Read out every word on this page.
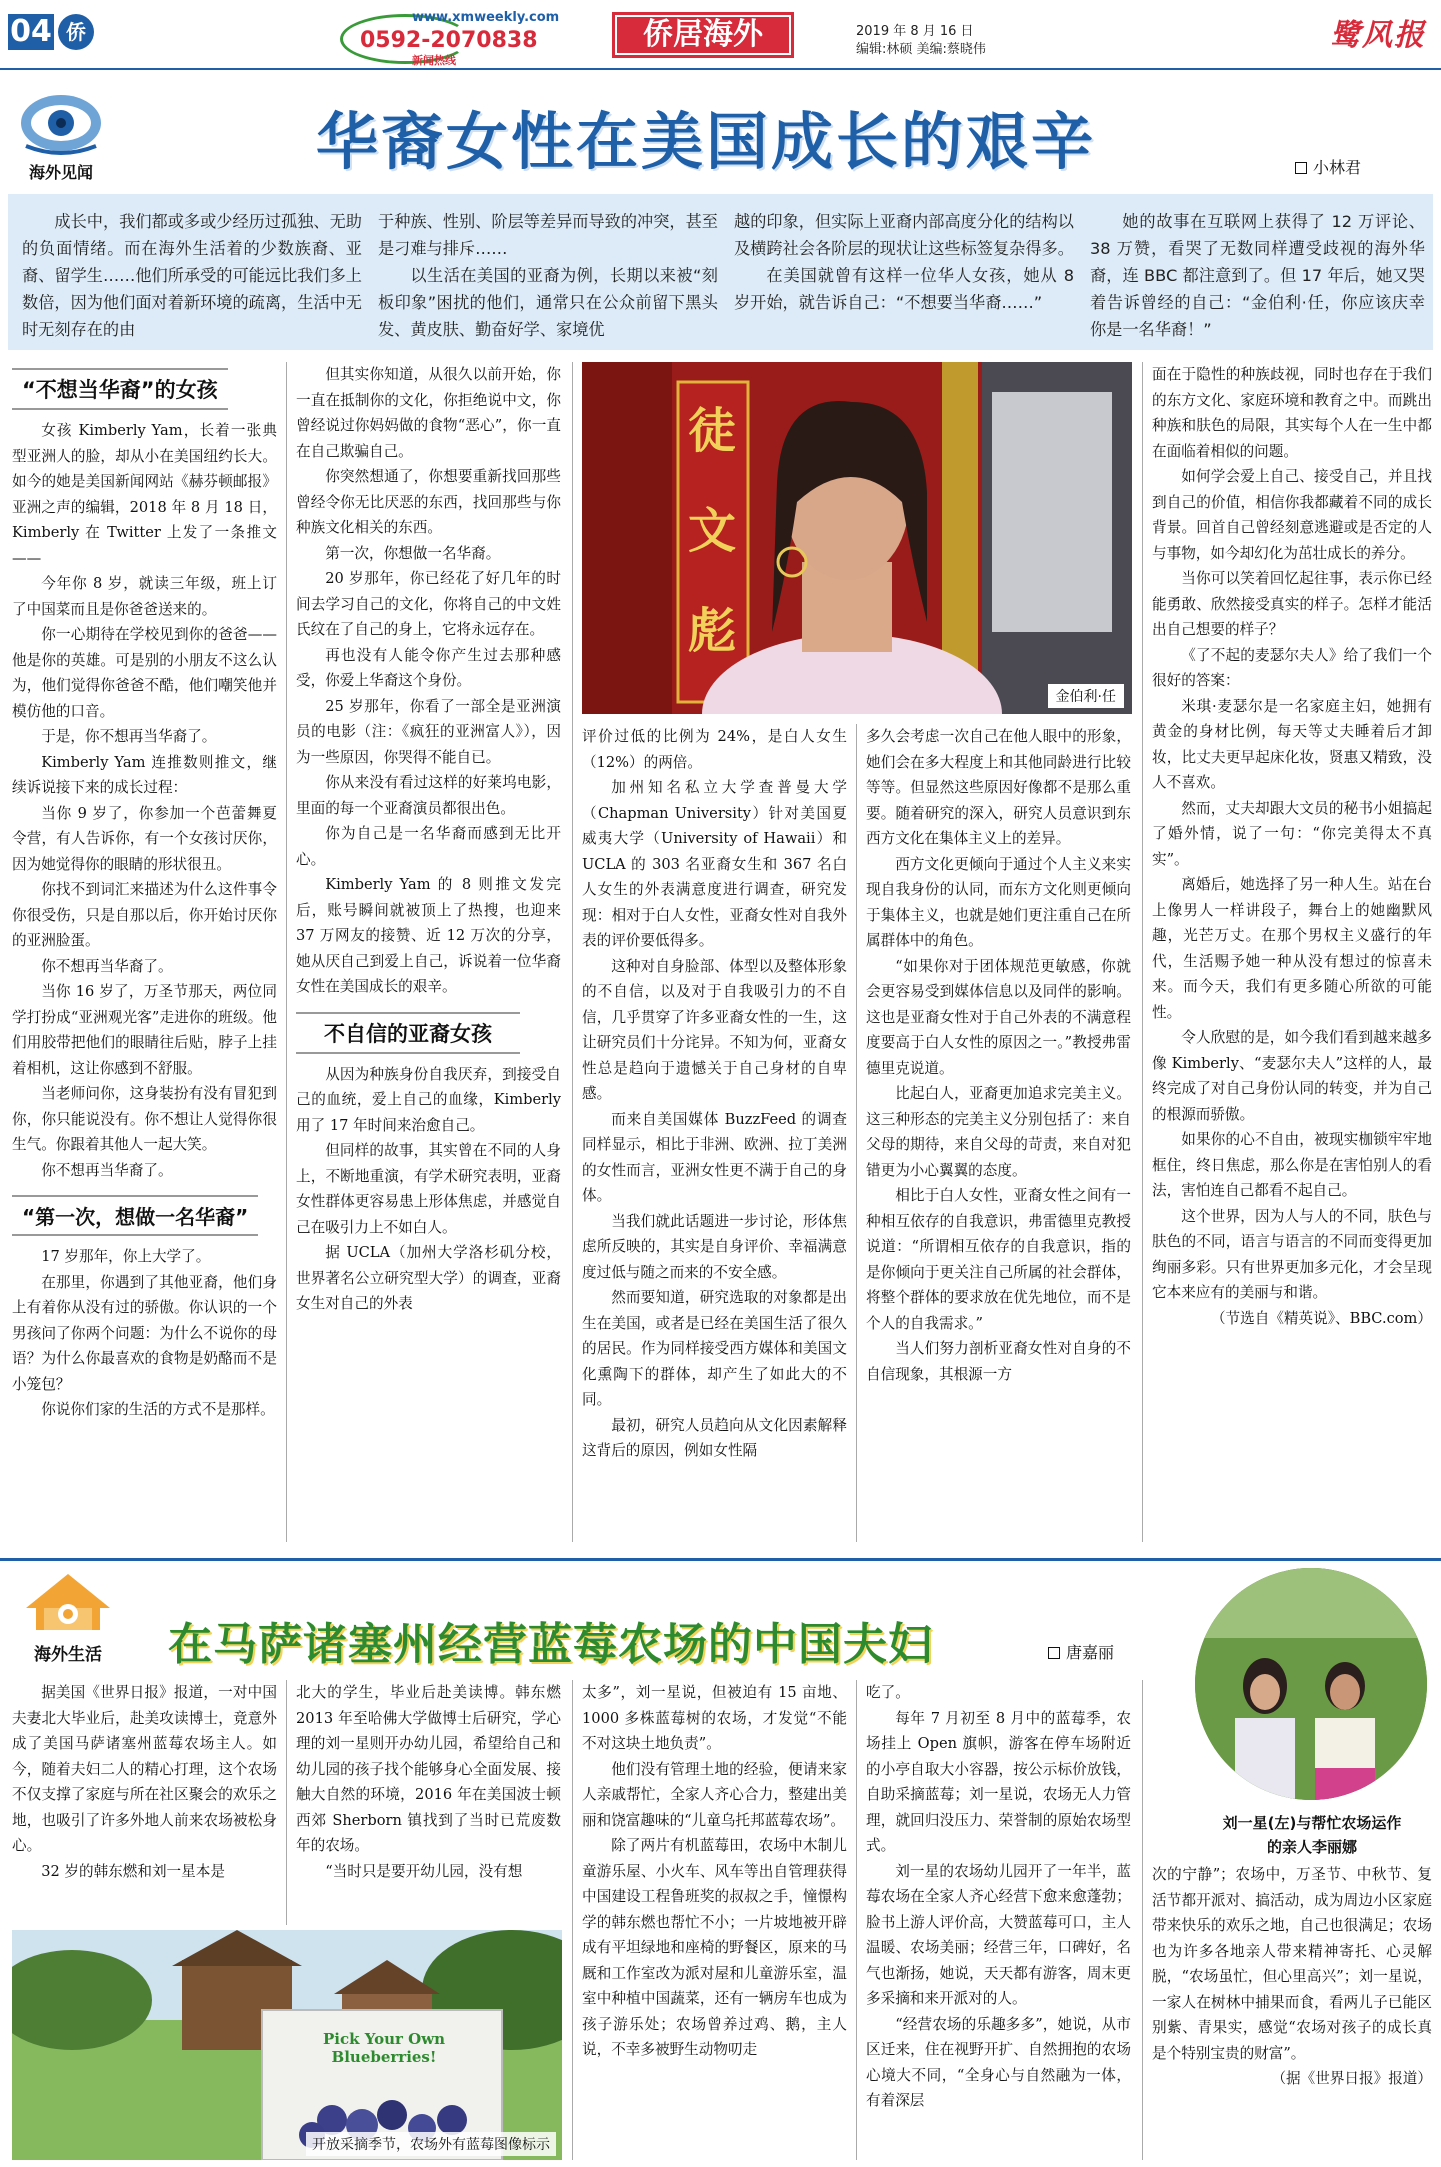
04 侨
www.xmweekly.com
0592-2070838
新闻热线
侨居海外	2019 年 8 月 16 日
编辑:林硕 美编:蔡晓伟	鹭风报
海外见闻	华裔女性在美国成长的艰辛	小林君

成长中，我们都或多或少经历过孤独、无助的负面情绪。而在海外生活着的少数族裔、亚裔、留学生……他们所承受的可能远比我们多上数倍，因为他们面对着新环境的疏离，生活中无时无刻存在的由

于种族、性别、阶层等差异而导致的冲突，甚至是刁难与排斥……

以生活在美国的亚裔为例，长期以来被“刻板印象”困扰的他们，通常只在公众前留下黑头发、黄皮肤、勤奋好学、家境优

越的印象，但实际上亚裔内部高度分化的结构以及横跨社会各阶层的现状让这些标签复杂得多。

在美国就曾有这样一位华人女孩，她从 8 岁开始，就告诉自己：“不想要当华裔……”

她的故事在互联网上获得了 12 万评论、38 万赞，看哭了无数同样遭受歧视的海外华裔，连 BBC 都注意到了。但 17 年后，她又哭着告诉曾经的自己：“金伯利·任，你应该庆幸你是一名华裔！”

“不想当华裔”的女孩

女孩 Kimberly Yam，长着一张典型亚洲人的脸，却从小在美国纽约长大。如今的她是美国新闻网站《赫芬顿邮报》亚洲之声的编辑，2018 年 8 月 18 日，Kimberly 在 Twitter 上发了一条推文——

今年你 8 岁，就读三年级，班上订了中国菜而且是你爸爸送来的。

你一心期待在学校见到你的爸爸——他是你的英雄。可是别的小朋友不这么认为，他们觉得你爸爸不酷，他们嘲笑他并模仿他的口音。

于是，你不想再当华裔了。

Kimberly Yam 连推数则推文，继续诉说接下来的成长过程：

当你 9 岁了，你参加一个芭蕾舞夏令营，有人告诉你，有一个女孩讨厌你，因为她觉得你的眼睛的形状很丑。

你找不到词汇来描述为什么这件事令你很受伤，只是自那以后，你开始讨厌你的亚洲脸蛋。

你不想再当华裔了。

当你 16 岁了，万圣节那天，两位同学打扮成“亚洲观光客”走进你的班级。他们用胶带把他们的眼睛往后贴，脖子上挂着相机，这让你感到不舒服。

当老师问你，这身装扮有没有冒犯到你，你只能说没有。你不想让人觉得你很生气。你跟着其他人一起大笑。

你不想再当华裔了。

“第一次，想做一名华裔”

17 岁那年，你上大学了。

在那里，你遇到了其他亚裔，他们身上有着你从没有过的骄傲。你认识的一个男孩问了你两个问题：为什么不说你的母语？为什么你最喜欢的食物是奶酪而不是小笼包？

你说你们家的生活的方式不是那样。

但其实你知道，从很久以前开始，你一直在抵制你的文化，你拒绝说中文，你曾经说过你妈妈做的食物“恶心”，你一直在自己欺骗自己。

你突然想通了，你想要重新找回那些曾经令你无比厌恶的东西，找回那些与你种族文化相关的东西。

第一次，你想做一名华裔。

20 岁那年，你已经花了好几年的时间去学习自己的文化，你将自己的中文姓氏纹在了自己的身上，它将永远存在。

再也没有人能令你产生过去那种感受，你爱上华裔这个身份。

25 岁那年，你看了一部全是亚洲演员的电影（注：《疯狂的亚洲富人》），因为一些原因，你哭得不能自已。

你从来没有看过这样的好莱坞电影，里面的每一个亚裔演员都很出色。

你为自己是一名华裔而感到无比开心。

Kimberly Yam 的 8 则推文发完后，账号瞬间就被顶上了热搜，也迎来 37 万网友的接赞、近 12 万次的分享，她从厌自己到爱上自己，诉说着一位华裔女性在美国成长的艰辛。

不自信的亚裔女孩

从因为种族身份自我厌弃，到接受自己的血统，爱上自己的血缘，Kimberly 用了 17 年时间来治愈自己。

但同样的故事，其实曾在不同的人身上，不断地重演，有学术研究表明，亚裔女性群体更容易患上形体焦虑，并感觉自己在吸引力上不如白人。

据 UCLA（加州大学洛杉矶分校，世界著名公立研究型大学）的调查，亚裔女生对自己的外表

徒
文
彪
金伯利·任

评价过低的比例为 24%，是白人女生（12%）的两倍。

加州知名私立大学查普曼大学（Chapman University）针对美国夏威夷大学（University of Hawaii）和 UCLA 的 303 名亚裔女生和 367 名白人女生的外表满意度进行调查，研究发现：相对于白人女性，亚裔女性对自我外表的评价要低得多。

这种对自身脸部、体型以及整体形象的不自信，以及对于自我吸引力的不自信，几乎贯穿了许多亚裔女性的一生，这让研究员们十分诧异。不知为何，亚裔女性总是趋向于遗憾关于自己身材的自卑感。

而来自美国媒体 BuzzFeed 的调查同样显示，相比于非洲、欧洲、拉丁美洲的女性而言，亚洲女性更不满于自己的身体。

当我们就此话题进一步讨论，形体焦虑所反映的，其实是自身评价、幸福满意度过低与随之而来的不安全感。

然而要知道，研究选取的对象都是出生在美国，或者是已经在美国生活了很久的居民。作为同样接受西方媒体和美国文化熏陶下的群体，却产生了如此大的不同。

最初，研究人员趋向从文化因素解释这背后的原因，例如女性隔

多久会考虑一次自己在他人眼中的形象，她们会在多大程度上和其他同龄进行比较等等。但显然这些原因好像都不是那么重要。随着研究的深入，研究人员意识到东西方文化在集体主义上的差异。

西方文化更倾向于通过个人主义来实现自我身份的认同，而东方文化则更倾向于集体主义，也就是她们更注重自己在所属群体中的角色。

“如果你对于团体规范更敏感，你就会更容易受到媒体信息以及同伴的影响。这也是亚裔女性对于自己外表的不满意程度要高于白人女性的原因之一。”教授弗雷德里克说道。

比起白人，亚裔更加追求完美主义。这三种形态的完美主义分别包括了：来自父母的期待，来自父母的苛责，来自对犯错更为小心翼翼的态度。

相比于白人女性，亚裔女性之间有一种相互依存的自我意识，弗雷德里克教授说道：“所谓相互依存的自我意识，指的是你倾向于更关注自己所属的社会群体，将整个群体的要求放在优先地位，而不是个人的自我需求。”

当人们努力剖析亚裔女性对自身的不自信现象，其根源一方

面在于隐性的种族歧视，同时也存在于我们的东方文化、家庭环境和教育之中。而跳出种族和肤色的局限，其实每个人在一生中都在面临着相似的问题。

如何学会爱上自己、接受自己，并且找到自己的价值，相信你我都藏着不同的成长背景。回首自己曾经刻意逃避或是否定的人与事物，如今却幻化为茁壮成长的养分。

当你可以笑着回忆起往事，表示你已经能勇敢、欣然接受真实的样子。怎样才能活出自己想要的样子？

《了不起的麦瑟尔夫人》给了我们一个很好的答案：

米琪·麦瑟尔是一名家庭主妇，她拥有黄金的身材比例，每天等丈夫睡着后才卸妆，比丈夫更早起床化妆，贤惠又精致，没人不喜欢。

然而，丈夫却跟大文员的秘书小姐搞起了婚外情，说了一句：“你完美得太不真实”。

离婚后，她选择了另一种人生。站在台上像男人一样讲段子，舞台上的她幽默风趣，光芒万丈。在那个男权主义盛行的年代，生活赐予她一种从没有想过的惊喜未来。而今天，我们有更多随心所欲的可能性。

令人欣慰的是，如今我们看到越来越多像 Kimberly、“麦瑟尔夫人”这样的人，最终完成了对自己身份认同的转变，并为自己的根源而骄傲。

如果你的心不自由，被现实枷锁牢牢地框住，终日焦虑，那么你是在害怕别人的看法，害怕连自己都看不起自己。

这个世界，因为人与人的不同，肤色与肤色的不同，语言与语言的不同而变得更加绚丽多彩。只有世界更加多元化，才会呈现它本来应有的美丽与和谐。

（节选自《精英说》、BBC.com）
海外生活	在马萨诸塞州经营蓝莓农场的中国夫妇	唐嘉丽
刘一星(左)与帮忙农场运作
的亲人李丽娜

据美国《世界日报》报道，一对中国夫妻北大毕业后，赴美攻读博士，竟意外成了美国马萨诸塞州蓝莓农场主人。如今，随着夫妇二人的精心打理，这个农场不仅支撑了家庭与所在社区聚会的欢乐之地，也吸引了许多外地人前来农场被松身心。

32 岁的韩东燃和刘一星本是

北大的学生，毕业后赴美读博。韩东燃 2013 年至哈佛大学做博士后研究，学心理的刘一星则开办幼儿园，希望给自己和幼儿园的孩子找个能够身心全面发展、接触大自然的环境，2016 年在美国波士顿西郊 Sherborn 镇找到了当时已荒废数年的农场。

“当时只是要开幼儿园，没有想

太多”，刘一星说，但被迫有 15 亩地、1000 多株蓝莓树的农场，才发觉“不能不对这块土地负责”。

他们没有管理土地的经验，便请来家人亲戚帮忙，全家人齐心合力，整建出美丽和饶富趣味的“儿童乌托邦蓝莓农场”。

除了两片有机蓝莓田，农场中木制儿童游乐屋、小火车、风车等出自管理获得中国建设工程鲁班奖的叔叔之手，憧憬构学的韩东燃也帮忙不小；一片坡地被开辟成有平坦绿地和座椅的野餐区，原来的马厩和工作室改为派对屋和儿童游乐室，温室中种植中国蔬菜，还有一辆房车也成为孩子游乐处；农场曾养过鸡、鹅，主人说，不幸多被野生动物叨走

吃了。

每年 7 月初至 8 月中的蓝莓季，农场挂上 Open 旗帜，游客在停车场附近的小亭自取大小容器，按公示标价放钱，自助采摘蓝莓；刘一星说，农场无人力管理，就回归没压力、荣誉制的原始农场型式。

刘一星的农场幼儿园开了一年半，蓝莓农场在全家人齐心经营下愈来愈蓬勃；脸书上游人评价高，大赞蓝莓可口，主人温暖、农场美丽；经营三年，口碑好，名气也渐扬，她说，天天都有游客，周末更多采摘和来开派对的人。

“经营农场的乐趣多多”，她说，从市区迁来，住在视野开扩、自然拥抱的农场心境大不同，“全身心与自然融为一体，有着深层

次的宁静”；农场中，万圣节、中秋节、复活节都开派对、搞活动，成为周边小区家庭带来快乐的欢乐之地，自己也很满足；农场也为许多各地亲人带来精神寄托、心灵解脱，“农场虽忙，但心里高兴”；刘一星说，一家人在树林中捕果而食，看两儿子已能区别紫、青果实，感觉“农场对孩子的成长真是个特别宝贵的财富”。

（据《世界日报》报道）
Pick Your Own Blueberries!
开放采摘季节，农场外有蓝莓图像标示
